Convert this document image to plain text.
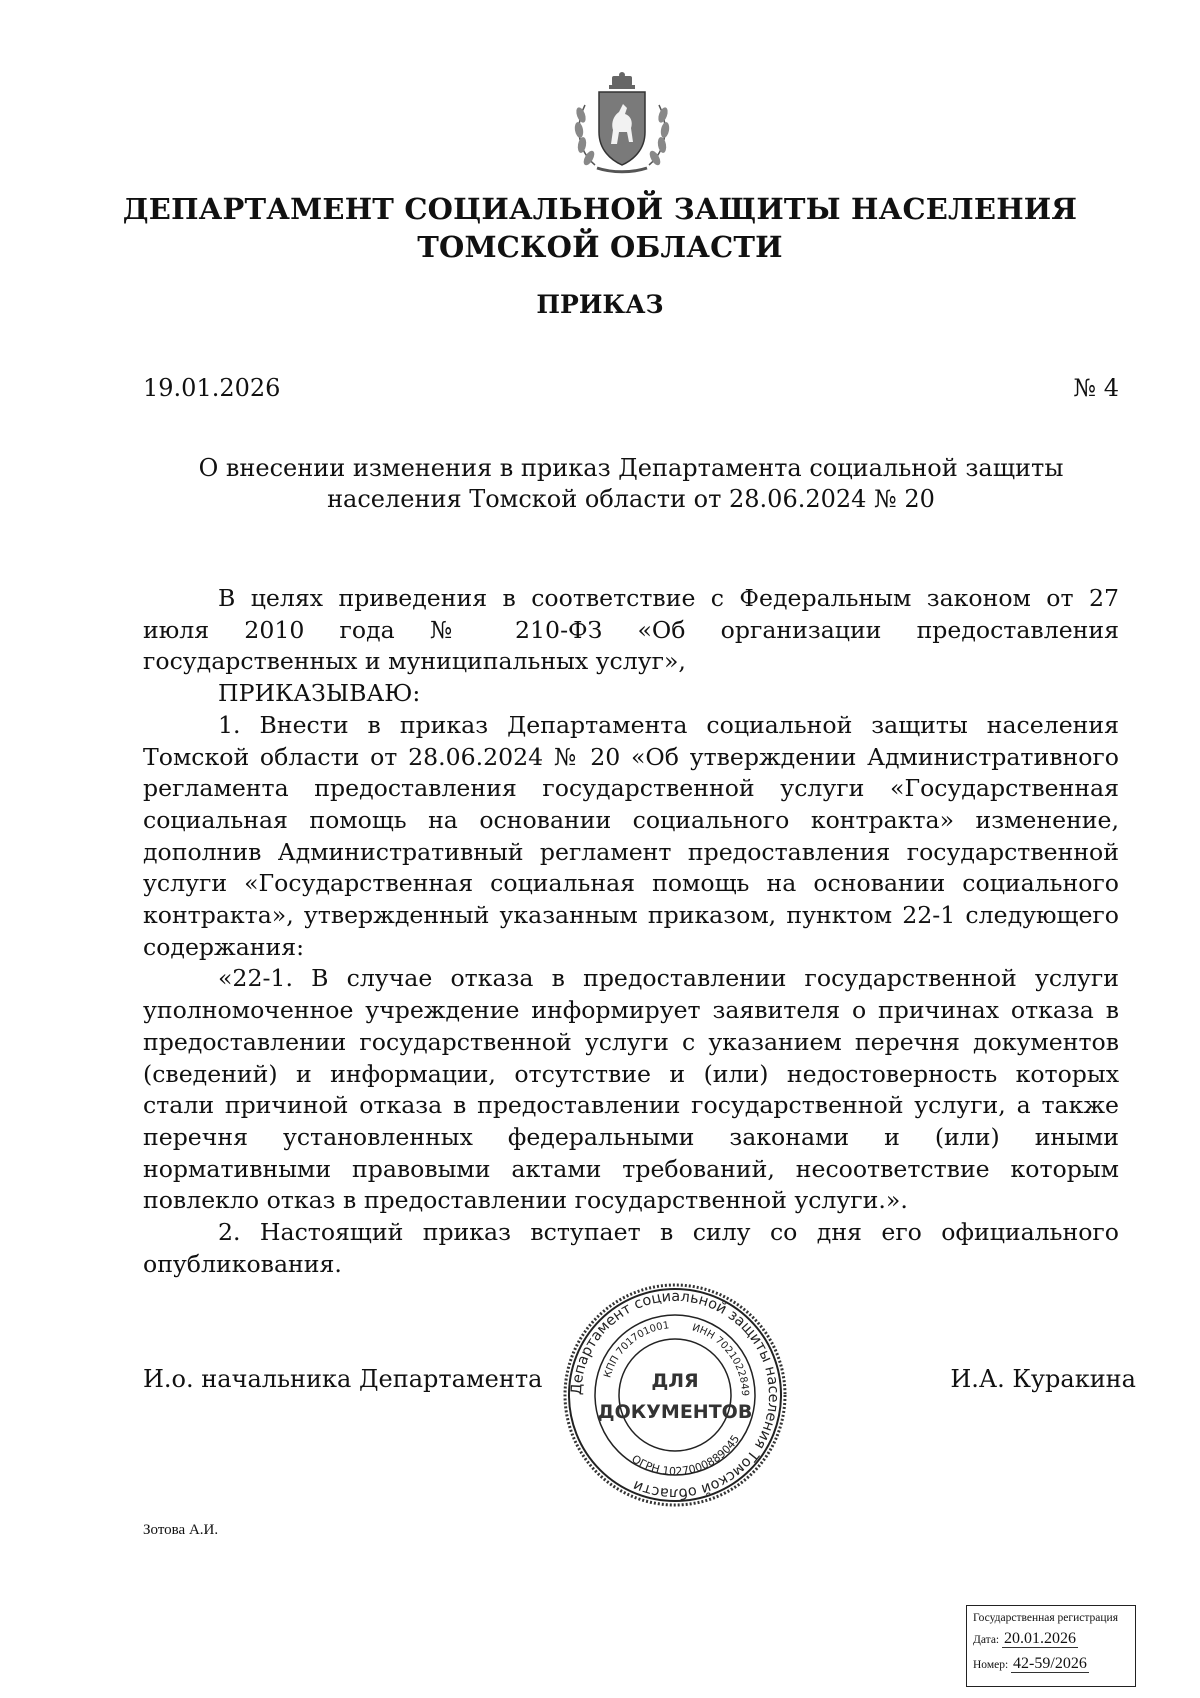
ДЕПАРТАМЕНТ СОЦИАЛЬНОЙ ЗАЩИТЫ НАСЕЛЕНИЯ
ТОМСКОЙ ОБЛАСТИ
ПРИКАЗ
19.01.2026	№ 4
О внесении изменения в приказ Департамента социальной защиты населения Томской области от 28.06.2024 № 20

В целях приведения в соответствие с Федеральным законом от 27 июля 2010 года № 210-ФЗ «Об организации предоставления государственных и муниципальных услуг»,

ПРИКАЗЫВАЮ:

1. Внести в приказ Департамента социальной защиты населения Томской области от 28.06.2024 № 20 «Об утверждении Административного регламента предоставления государственной услуги «Государственная социальная помощь на основании социального контракта» изменение, дополнив Административный регламент предоставления государственной услуги «Государственная социальная помощь на основании социального контракта», утвержденный указанным приказом, пунктом 22-1 следующего содержания:

«22-1. В случае отказа в предоставлении государственной услуги уполномоченное учреждение информирует заявителя о причинах отказа в предоставлении государственной услуги с указанием перечня документов (сведений) и информации, отсутствие и (или) недостоверность которых стали причиной отказа в предоставлении государственной услуги, а также перечня установленных федеральными законами и (или) иными нормативными правовыми актами требований, несоответствие которым повлекло отказ в предоставлении государственной услуги.».

2. Настоящий приказ вступает в силу со дня его официального опубликования.

И.о. начальника Департамента	И.А. Куракина
Департамент социальной защиты населения Томской области
КПП 701701001 ИНН 7021022849
ОГРН 1027000889045
ДЛЯ
ДОКУМЕНТОВ
Зотова А.И.
Государственная регистрация
Дата: 20.01.2026
Номер: 42-59/2026
